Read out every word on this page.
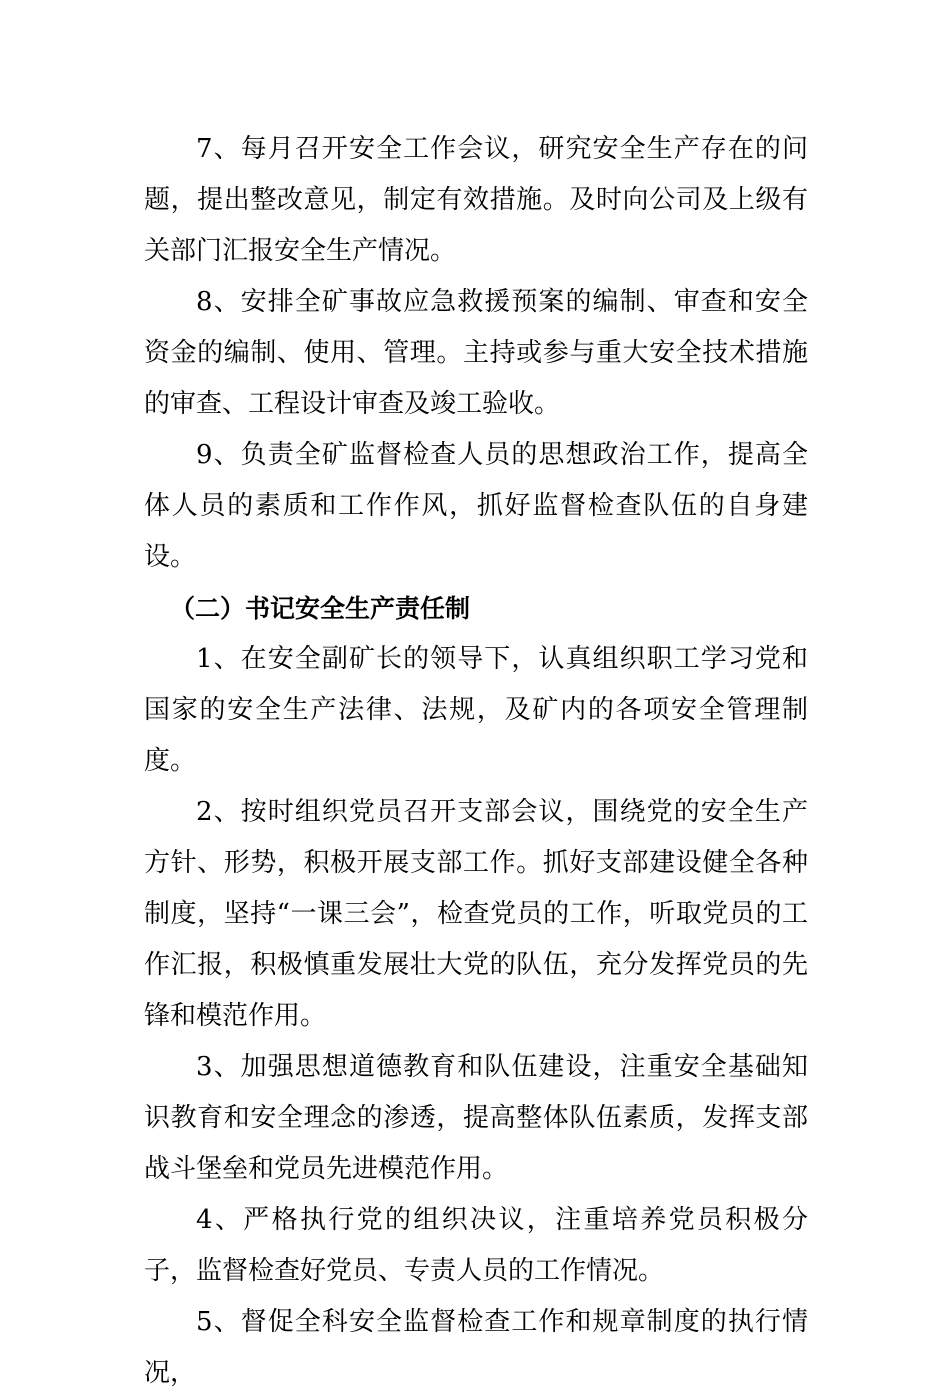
7、每月召开安全工作会议，研究安全生产存在的问题，提出整改意见，制定有效措施。及时向公司及上级有关部门汇报安全生产情况。

8、安排全矿事故应急救援预案的编制、审查和安全资金的编制、使用、管理。主持或参与重大安全技术措施的审查、工程设计审查及竣工验收。

9、负责全矿监督检查人员的思想政治工作，提高全体人员的素质和工作作风，抓好监督检查队伍的自身建设。

（二）书记安全生产责任制

1、在安全副矿长的领导下，认真组织职工学习党和国家的安全生产法律、法规，及矿内的各项安全管理制度。

2、按时组织党员召开支部会议，围绕党的安全生产方针、形势，积极开展支部工作。抓好支部建设健全各种制度，坚持“一课三会”，检查党员的工作，听取党员的工作汇报，积极慎重发展壮大党的队伍，充分发挥党员的先锋和模范作用。

3、加强思想道德教育和队伍建设，注重安全基础知识教育和安全理念的渗透，提高整体队伍素质，发挥支部战斗堡垒和党员先进模范作用。

4、严格执行党的组织决议，注重培养党员积极分子，监督检查好党员、专责人员的工作情况。

5、督促全科安全监督检查工作和规章制度的执行情况，
